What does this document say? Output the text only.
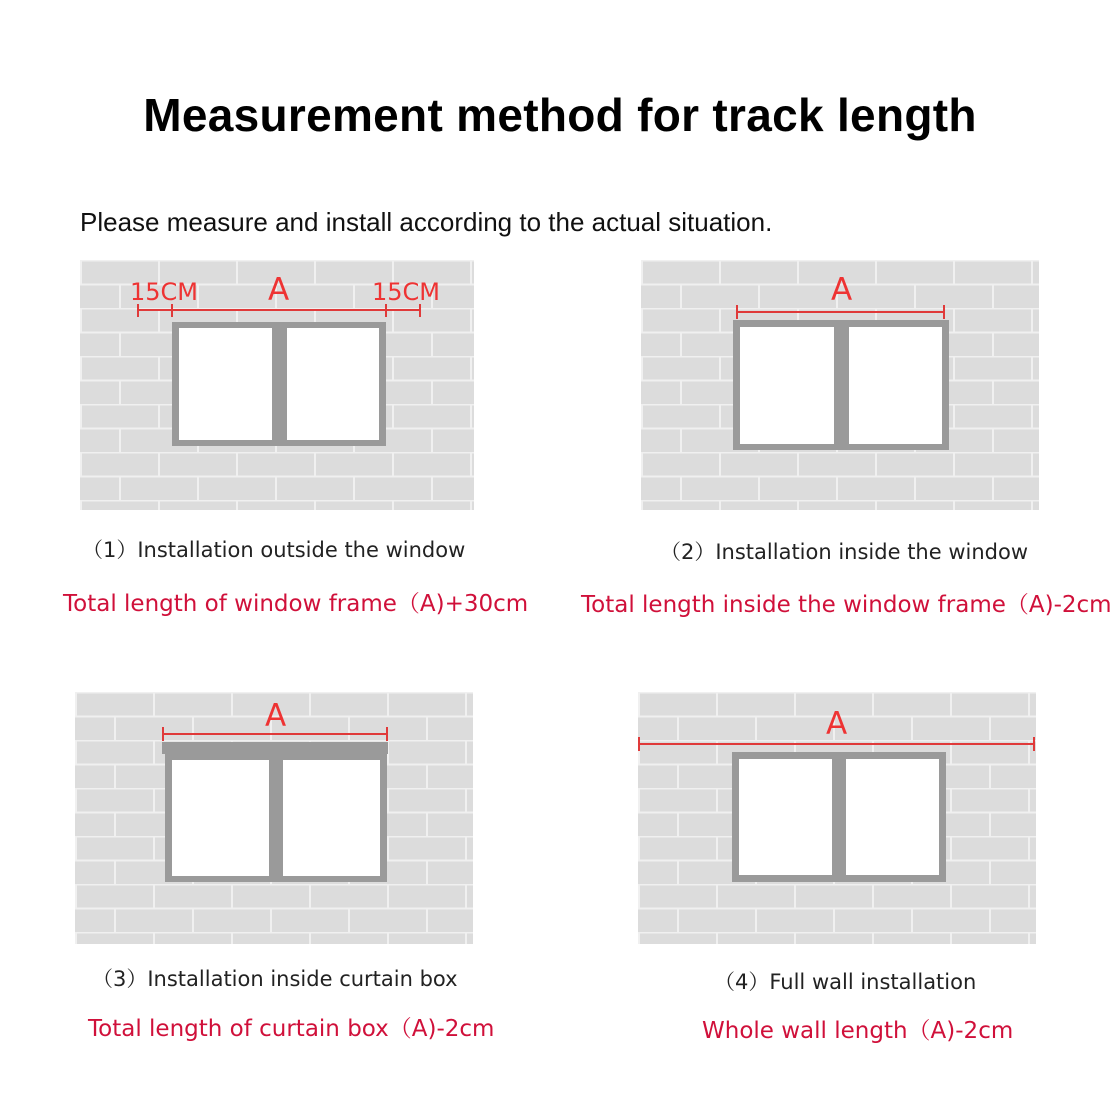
Measurement method for track length
Please measure and install according to the actual situation.
15CM A	15CM
（1）Installation outside the window
Total length of window frame（A)+30cm
A
（2）Installation inside the window
Total length inside the window frame（A)-2cm
A
（3）Installation inside curtain box
Total length of curtain box（A)-2cm
A
（4）Full wall installation
Whole wall length（A)-2cm
